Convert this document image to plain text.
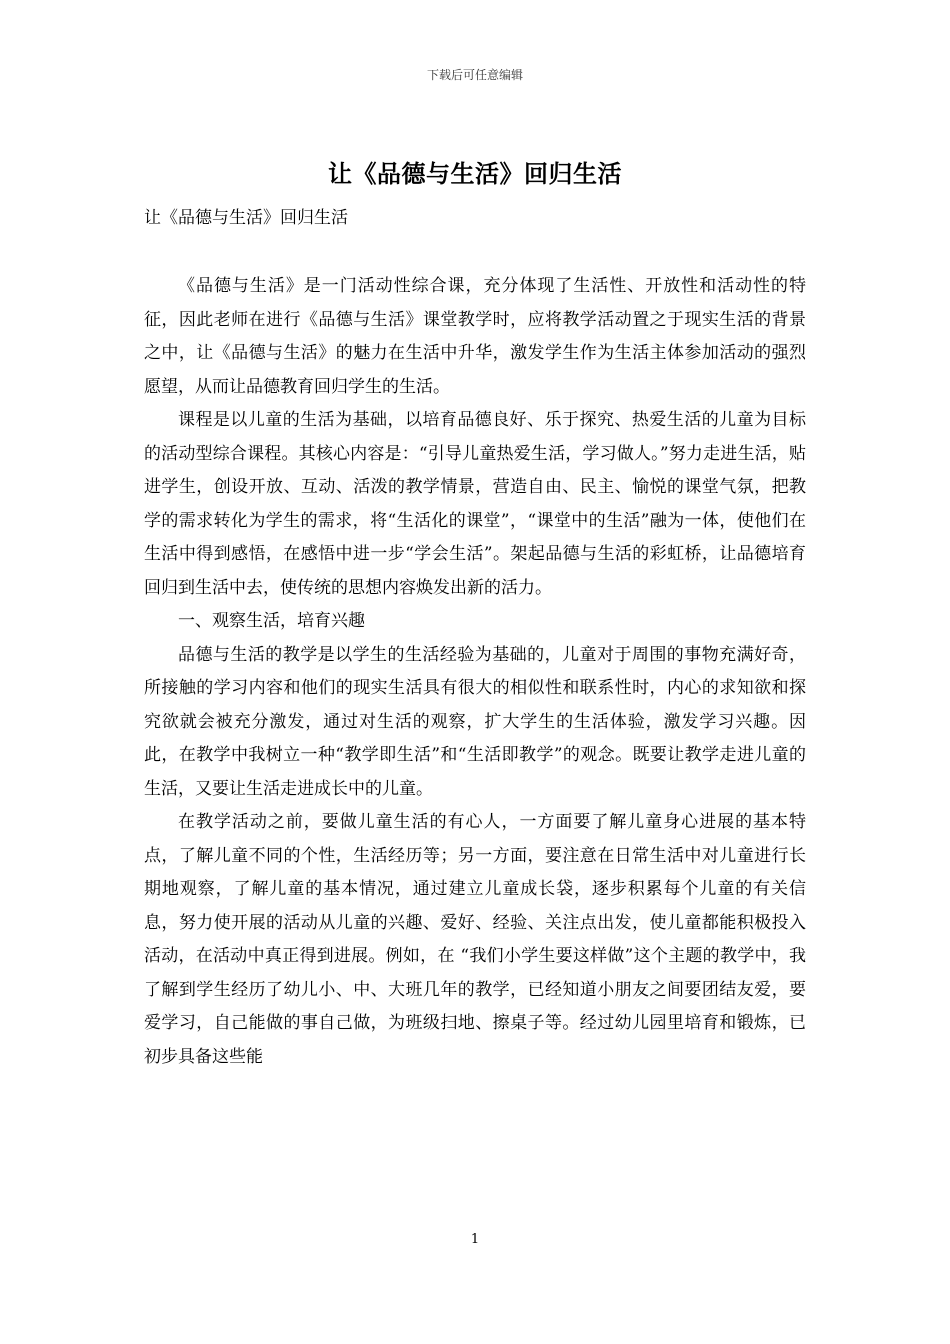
下载后可任意编辑
让《品德与生活》回归生活
让《品德与生活》回归生活

《品德与生活》是一门活动性综合课，充分体现了生活性、开放性和活动性的特征，因此老师在进行《品德与生活》课堂教学时，应将教学活动置之于现实生活的背景之中，让《品德与生活》的魅力在生活中升华，激发学生作为生活主体参加活动的强烈愿望，从而让品德教育回归学生的生活。

课程是以儿童的生活为基础，以培育品德良好、乐于探究、热爱生活的儿童为目标的活动型综合课程。其核心内容是：“引导儿童热爱生活，学习做人。”努力走进生活，贴进学生，创设开放、互动、活泼的教学情景，营造自由、民主、愉悦的课堂气氛，把教学的需求转化为学生的需求，将“生活化的课堂”，“课堂中的生活”融为一体，使他们在生活中得到感悟，在感悟中进一步“学会生活”。架起品德与生活的彩虹桥，让品德培育回归到生活中去，使传统的思想内容焕发出新的活力。

一、观察生活，培育兴趣

品德与生活的教学是以学生的生活经验为基础的，儿童对于周围的事物充满好奇，所接触的学习内容和他们的现实生活具有很大的相似性和联系性时，内心的求知欲和探究欲就会被充分激发，通过对生活的观察，扩大学生的生活体验，激发学习兴趣。因此，在教学中我树立一种“教学即生活”和“生活即教学”的观念。既要让教学走进儿童的生活，又要让生活走进成长中的儿童。

在教学活动之前，要做儿童生活的有心人，一方面要了解儿童身心进展的基本特点，了解儿童不同的个性，生活经历等；另一方面，要注意在日常生活中对儿童进行长期地观察，了解儿童的基本情况，通过建立儿童成长袋，逐步积累每个儿童的有关信息，努力使开展的活动从儿童的兴趣、爱好、经验、关注点出发，使儿童都能积极投入活动，在活动中真正得到进展。例如，在 “我们小学生要这样做”这个主题的教学中，我了解到学生经历了幼儿小、中、大班几年的教学，已经知道小朋友之间要团结友爱，要爱学习，自己能做的事自己做，为班级扫地、擦桌子等。经过幼儿园里培育和锻炼，已初步具备这些能

1
